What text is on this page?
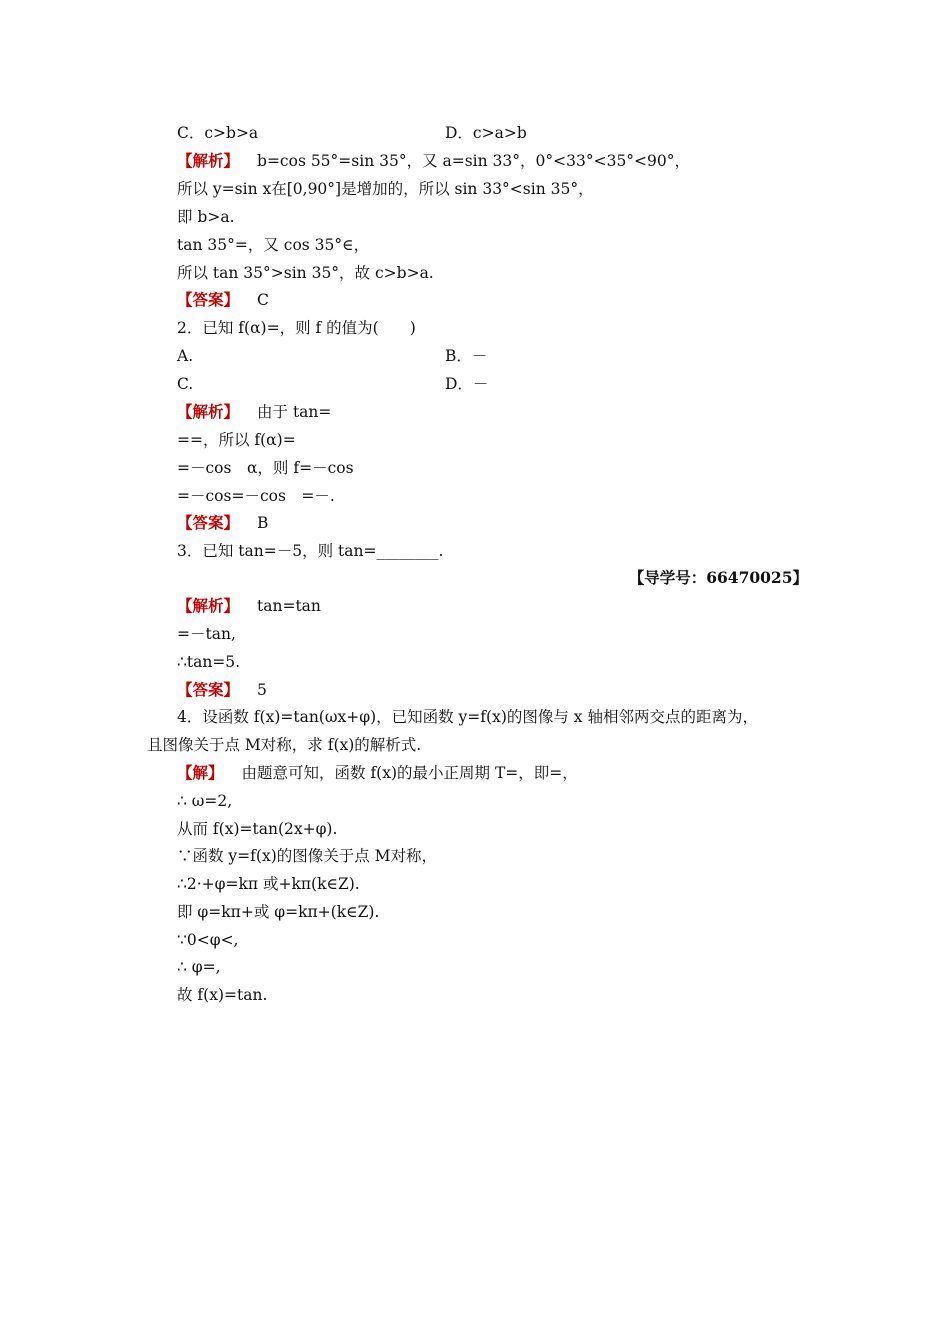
C．c>b>a	D．c>a>b
【解析】 b=cos 55°=sin 35°，又 a=sin 33°，0°<33°<35°<90°，
所以 y=sin x在[0,90°]是增加的，所以 sin 33°<sin 35°，
即 b>a.
tan 35°=，又 cos 35°∈，
所以 tan 35°>sin 35°，故 c>b>a.
【答案】 C
2．已知 f(α)=，则 f 的值为(　　)
A.	B．－
C.	D．－
【解析】 由于 tan=
==，所以 f(α)=
=－cos　α，则 f=－cos
=－cos=－cos　=－.
【答案】 B
3．已知 tan=－5，则 tan=________.
【导学号：66470025】
【解析】 tan=tan
=－tan,
∴tan=5.
【答案】 5
4．设函数 f(x)=tan(ωx+φ)，已知函数 y=f(x)的图像与 x 轴相邻两交点的距离为，
且图像关于点 M对称，求 f(x)的解析式.
【解】 由题意可知，函数 f(x)的最小正周期 T=，即=，
∴ ω=2,
从而 f(x)=tan(2x+φ).
∵函数 y=f(x)的图像关于点 M对称，
∴2·+φ=kπ 或+kπ(k∈Z).
即 φ=kπ+或 φ=kπ+(k∈Z).
∵0<φ<,
∴ φ=,
故 f(x)=tan.
